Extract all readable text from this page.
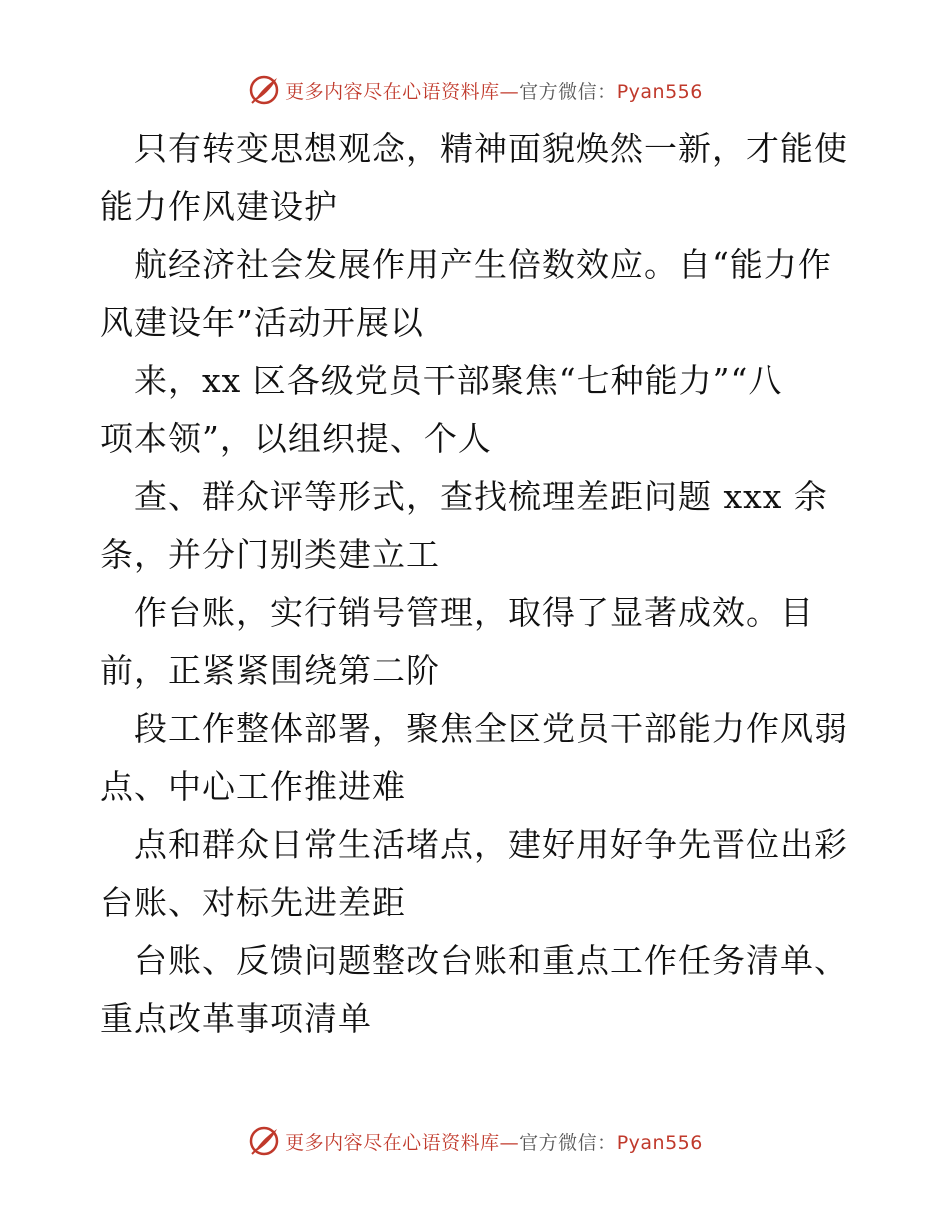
更多内容尽在心语资料库—官方微信：Pyan556

　只有转变思想观念，精神面貌焕然一新，才能使

能力作风建设护

　航经济社会发展作用产生倍数效应。自“能力作

风建设年”活动开展以

　来，xx 区各级党员干部聚焦“七种能力”“八

项本领”，以组织提、个人

　查、群众评等形式，查找梳理差距问题 xxx 余

条，并分门别类建立工

　作台账，实行销号管理，取得了显著成效。目

前，正紧紧围绕第二阶

　段工作整体部署，聚焦全区党员干部能力作风弱

点、中心工作推进难

　点和群众日常生活堵点，建好用好争先晋位出彩

台账、对标先进差距

　台账、反馈问题整改台账和重点工作任务清单、

重点改革事项清单

更多内容尽在心语资料库—官方微信：Pyan556
